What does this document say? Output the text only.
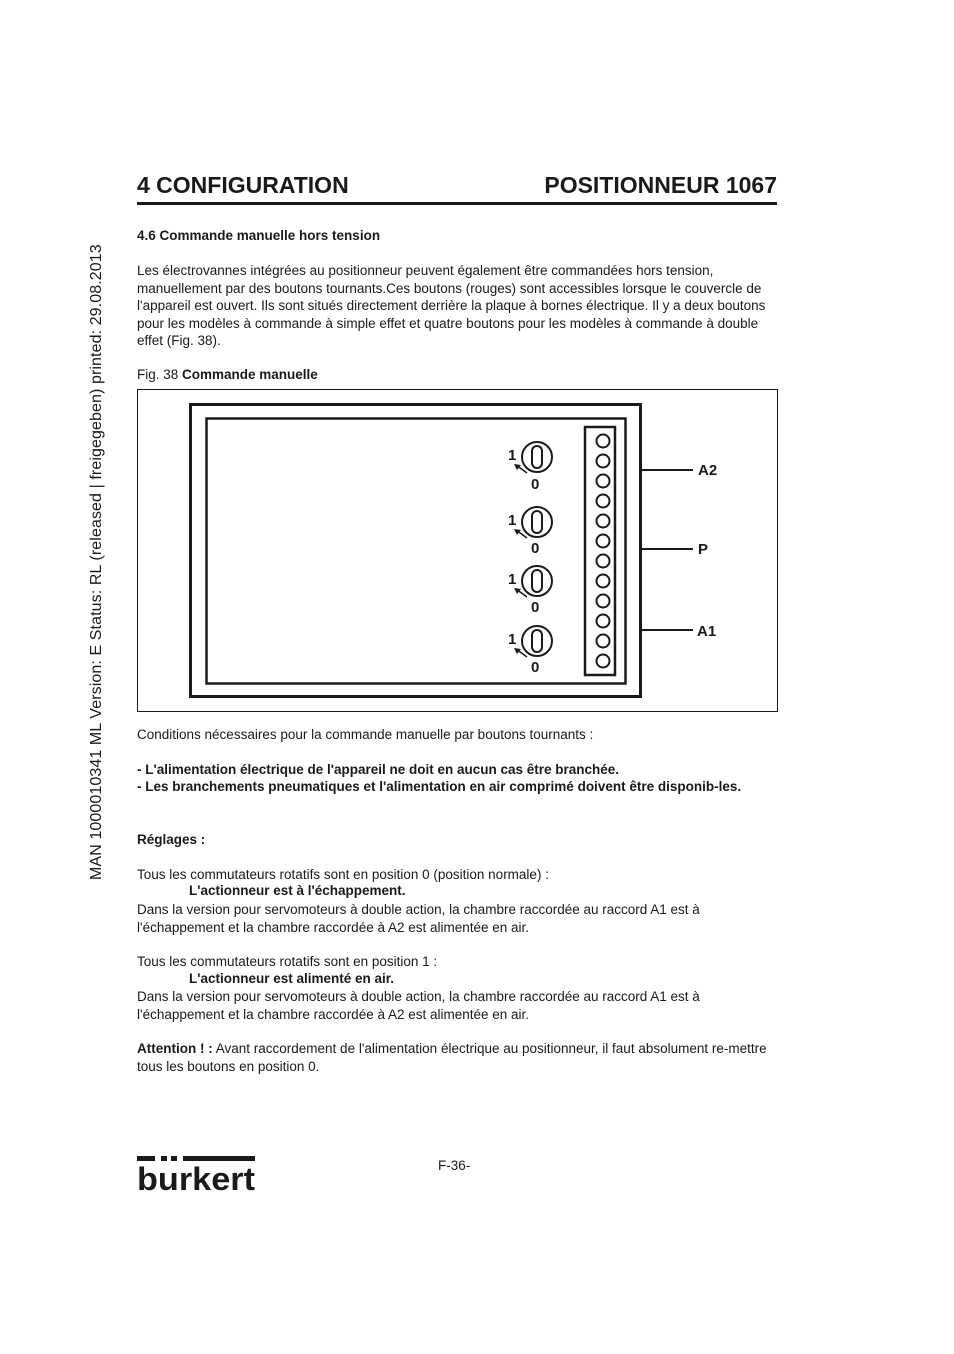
MAN 1000010341 ML Version: E Status: RL (released | freigegeben) printed: 29.08.2013
4 CONFIGURATION	POSITIONNEUR 1067
4.6 Commande manuelle hors tension

Les électrovannes intégrées au positionneur peuvent également être commandées hors tension, manuellement par des boutons tournants.Ces boutons (rouges) sont accessibles lorsque le couvercle de l'appareil est ouvert. Ils sont situés directement derrière la plaque à bornes électrique. Il y a deux boutons pour les modèles à commande à simple effet et quatre boutons pour les modèles à commande à double effet (Fig. 38).

Fig. 38 Commande manuelle
A2
P
A1
1
0
1
0
1
0
1
0

Conditions nécessaires pour la commande manuelle par boutons tournants :

- L'alimentation électrique de l'appareil ne doit en aucun cas être branchée.

- Les branchements pneumatiques et l'alimentation en air comprimé doivent être disponib-les.

Réglages :

Tous les commutateurs rotatifs sont en position 0 (position normale) :

L'actionneur est à l'échappement.

Dans la version pour servomoteurs à double action, la chambre raccordée au raccord A1 est à l'échappement et la chambre raccordée à A2 est alimentée en air.

Tous les commutateurs rotatifs sont en position 1 :

L'actionneur est alimenté en air.

Dans la version pour servomoteurs à double action, la chambre raccordée au raccord A1 est à l'échappement et la chambre raccordée à A2 est alimentée en air.

Attention ! : Avant raccordement de l'alimentation électrique au positionneur, il faut absolument re-mettre tous les boutons en position 0.

burkert	F-36-
